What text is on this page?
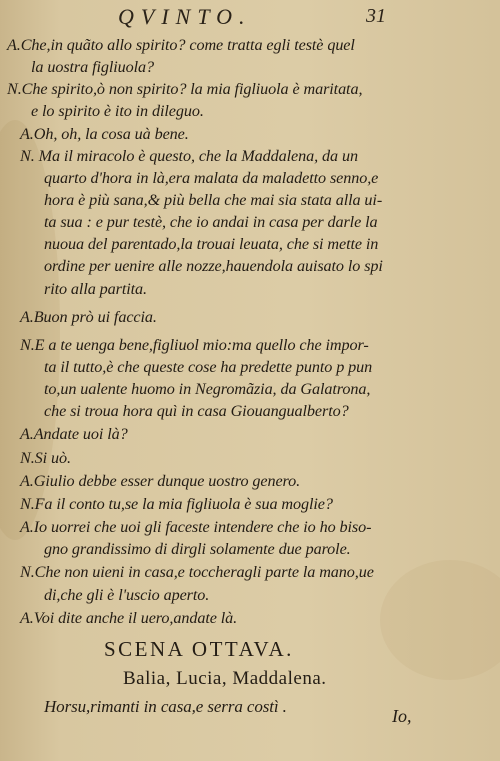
QVINTO.	31
A.Che,in quãto allo spirito? come tratta egli testè quel
la uostra figliuola?
N.Che spirito,ò non spirito? la mia figliuola è maritata,
e lo spirito è ito in dileguo.
A.Oh, oh, la cosa uà bene.
N. Ma il miracolo è questo, che la Maddalena, da un
quarto d'hora in là,era malata da maladetto senno,e
hora è più sana,& più bella che mai sia stata alla ui-
ta sua : e pur testè, che io andai in casa per darle la
nuoua del parentado,la trouai leuata, che si mette in
ordine per uenire alle nozze,hauendola auisato lo spi
rito alla partita.
A.Buon prò ui faccia.
N.E a te uenga bene,figliuol mio:ma quello che impor-
ta il tutto,è che queste cose ha predette punto p pun
to,un ualente huomo in Negromãzia, da Galatrona,
che si troua hora quì in casa Giouangualberto?
A.Andate uoi là?
N.Si uò.
A.Giulio debbe esser dunque uostro genero.
N.Fa il conto tu,se la mia figliuola è sua moglie?
A.Io uorrei che uoi gli faceste intendere che io ho biso-
gno grandissimo di dirgli solamente due parole.
N.Che non uieni in casa,e toccheragli parte la mano,ue
di,che gli è l'uscio aperto.
A.Voi dite anche il uero,andate là.
SCENA OTTAVA.
Balia, Lucia, Maddalena.
Horsu,rimanti in casa,e serra costì .	Io,
